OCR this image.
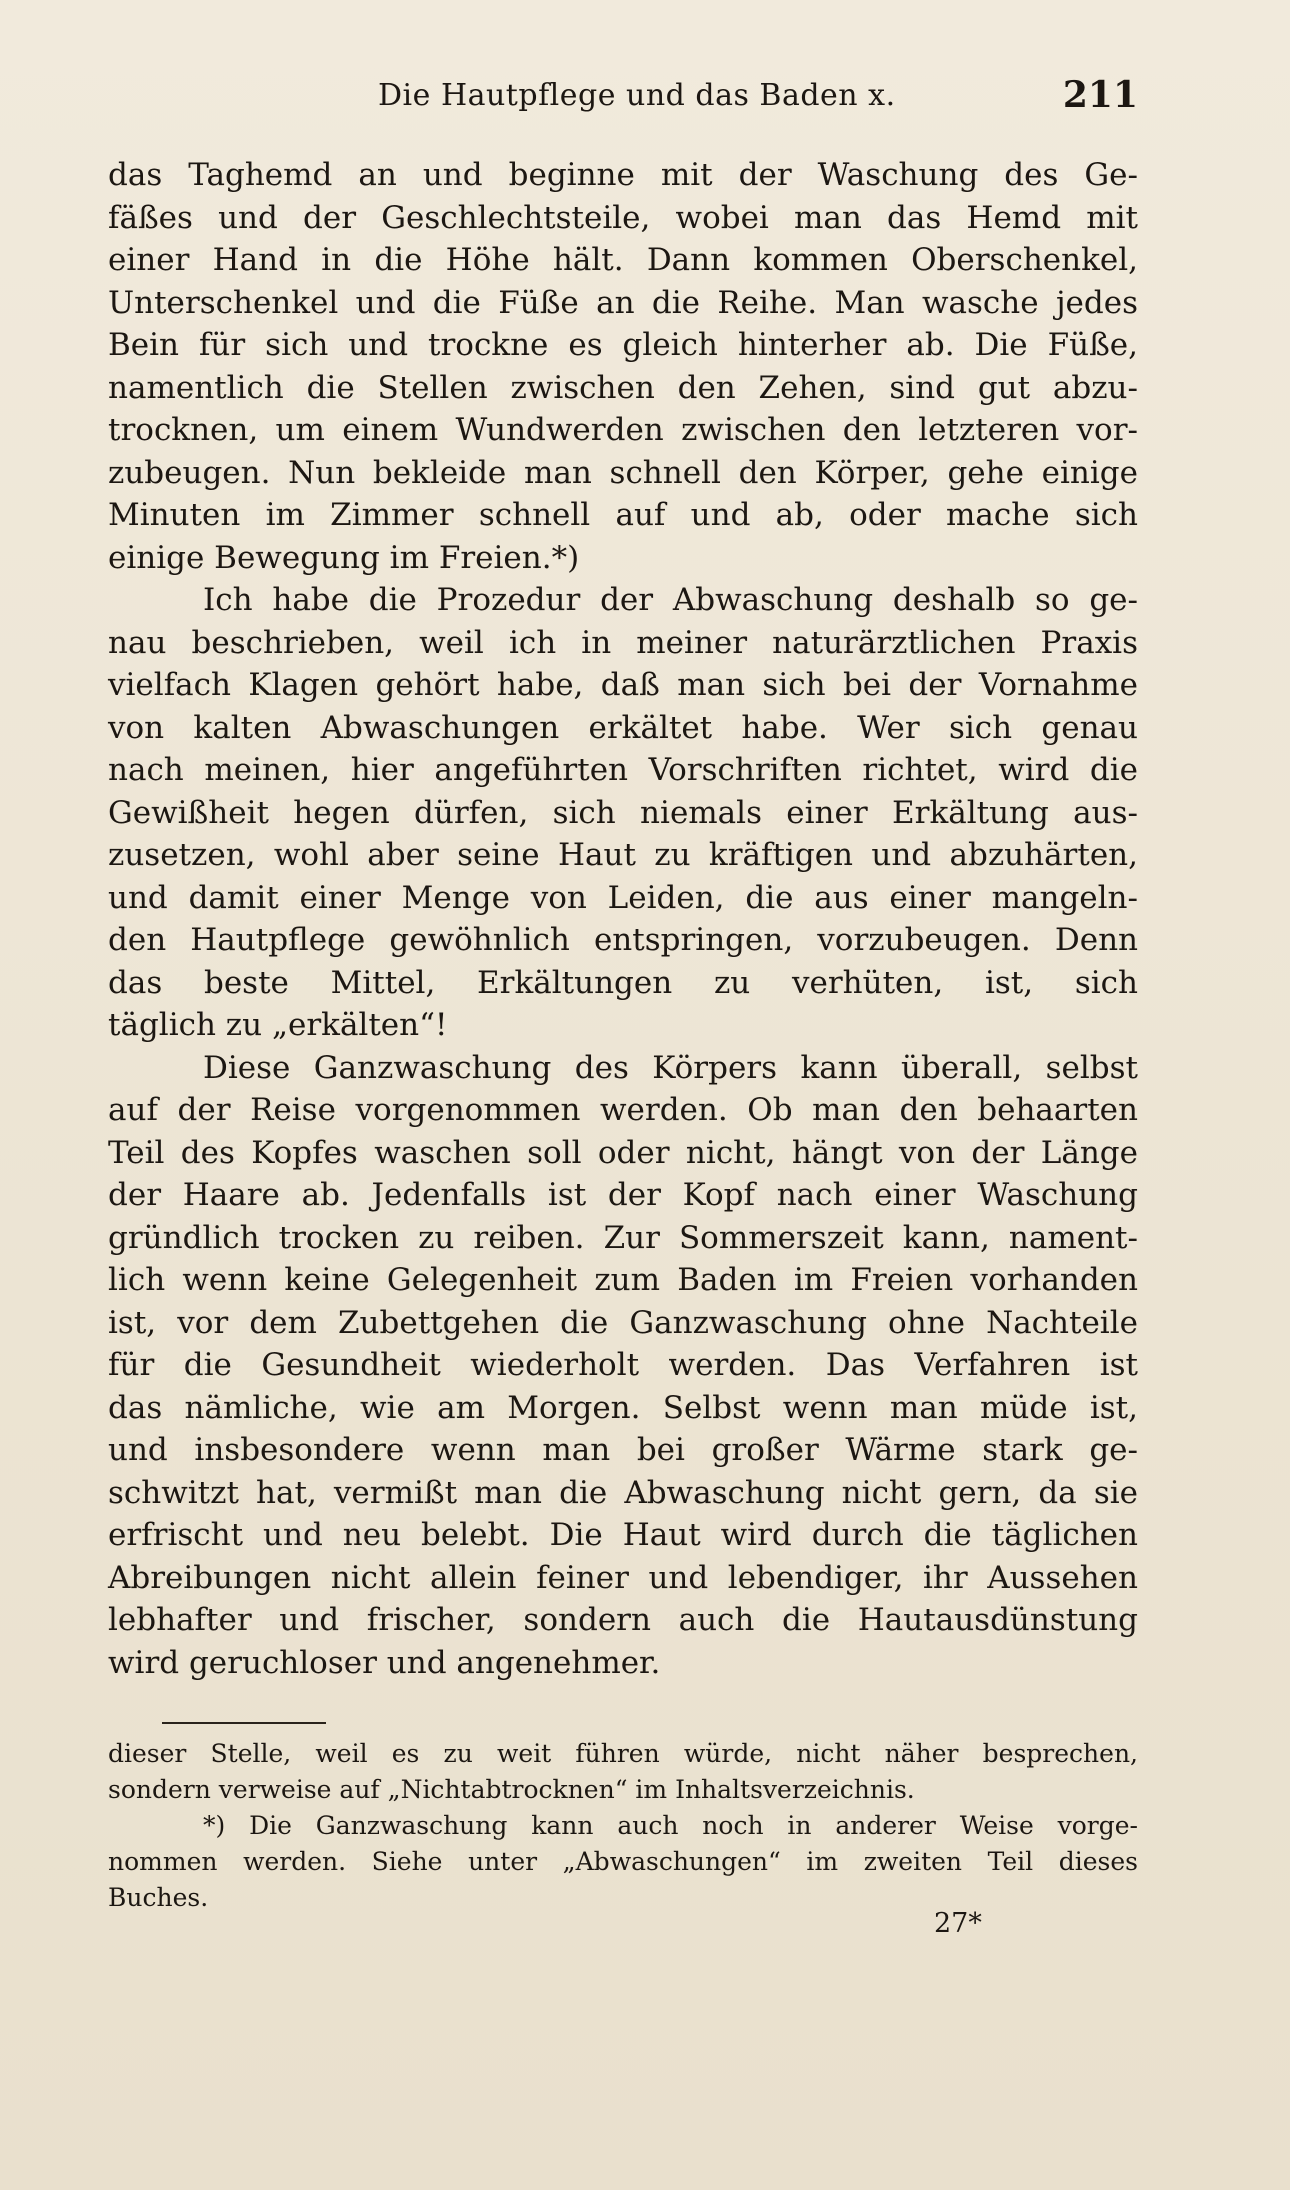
Die Hautpflege und das Baden x.	211
das Taghemd an und beginne mit der Waschung des Ge-
fäßes und der Geschlechtsteile, wobei man das Hemd mit
einer Hand in die Höhe hält. Dann kommen Oberschenkel,
Unterschenkel und die Füße an die Reihe. Man wasche jedes
Bein für sich und trockne es gleich hinterher ab. Die Füße,
namentlich die Stellen zwischen den Zehen, sind gut abzu-
trocknen, um einem Wundwerden zwischen den letzteren vor-
zubeugen. Nun bekleide man schnell den Körper, gehe einige
Minuten im Zimmer schnell auf und ab, oder mache sich
einige Bewegung im Freien.*)
Ich habe die Prozedur der Abwaschung deshalb so ge-
nau beschrieben, weil ich in meiner naturärztlichen Praxis
vielfach Klagen gehört habe, daß man sich bei der Vornahme
von kalten Abwaschungen erkältet habe. Wer sich genau
nach meinen, hier angeführten Vorschriften richtet, wird die
Gewißheit hegen dürfen, sich niemals einer Erkältung aus-
zusetzen, wohl aber seine Haut zu kräftigen und abzuhärten,
und damit einer Menge von Leiden, die aus einer mangeln-
den Hautpflege gewöhnlich entspringen, vorzubeugen. Denn
das beste Mittel, Erkältungen zu verhüten, ist, sich
täglich zu „erkälten“!
Diese Ganzwaschung des Körpers kann überall, selbst
auf der Reise vorgenommen werden. Ob man den behaarten
Teil des Kopfes waschen soll oder nicht, hängt von der Länge
der Haare ab. Jedenfalls ist der Kopf nach einer Waschung
gründlich trocken zu reiben. Zur Sommerszeit kann, nament-
lich wenn keine Gelegenheit zum Baden im Freien vorhanden
ist, vor dem Zubettgehen die Ganzwaschung ohne Nachteile
für die Gesundheit wiederholt werden. Das Verfahren ist
das nämliche, wie am Morgen. Selbst wenn man müde ist,
und insbesondere wenn man bei großer Wärme stark ge-
schwitzt hat, vermißt man die Abwaschung nicht gern, da sie
erfrischt und neu belebt. Die Haut wird durch die täglichen
Abreibungen nicht allein feiner und lebendiger, ihr Aussehen
lebhafter und frischer, sondern auch die Hautausdünstung
wird geruchloser und angenehmer.
dieser Stelle, weil es zu weit führen würde, nicht näher besprechen,
sondern verweise auf „Nichtabtrocknen“ im Inhaltsverzeichnis.
*) Die Ganzwaschung kann auch noch in anderer Weise vorge-
nommen werden. Siehe unter „Abwaschungen“ im zweiten Teil dieses
Buches.
27*
